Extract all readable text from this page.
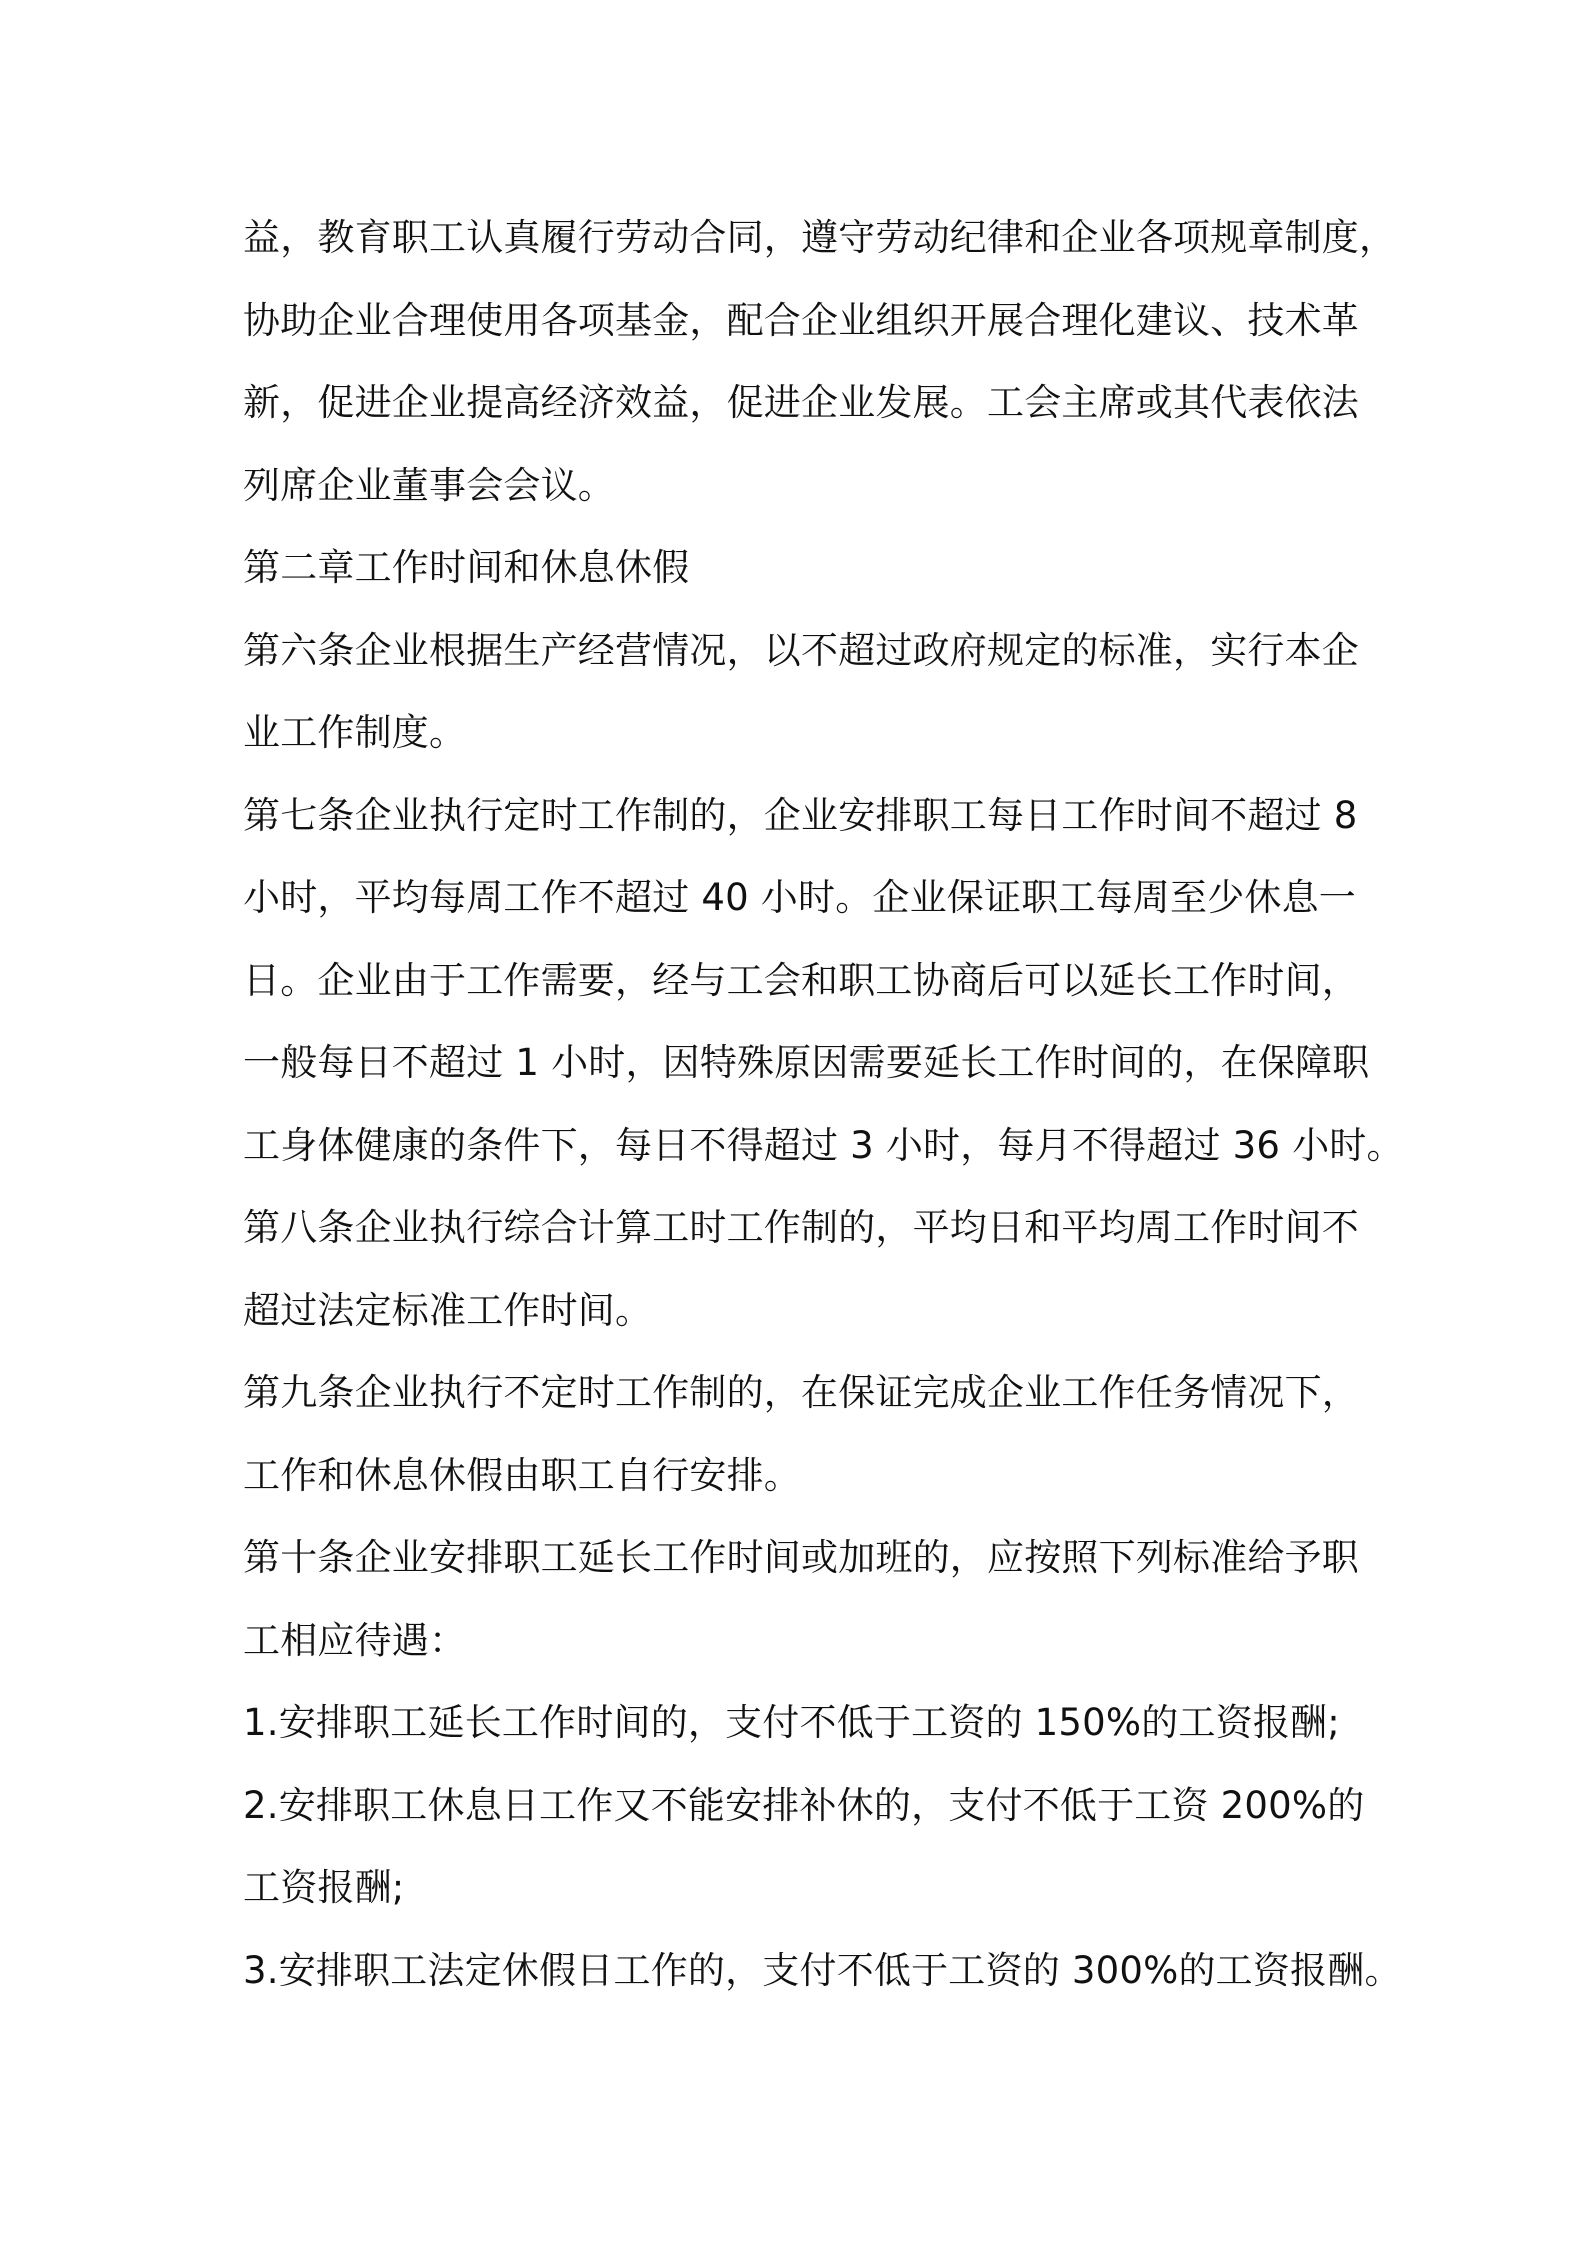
益，教育职工认真履行劳动合同，遵守劳动纪律和企业各项规章制度，
协助企业合理使用各项基金，配合企业组织开展合理化建议、技术革
新，促进企业提高经济效益，促进企业发展。工会主席或其代表依法
列席企业董事会会议。
第二章工作时间和休息休假
第六条企业根据生产经营情况，以不超过政府规定的标准，实行本企
业工作制度。
第七条企业执行定时工作制的，企业安排职工每日工作时间不超过 8
小时，平均每周工作不超过 40 小时。企业保证职工每周至少休息一
日。企业由于工作需要，经与工会和职工协商后可以延长工作时间，
一般每日不超过 1 小时，因特殊原因需要延长工作时间的，在保障职
工身体健康的条件下，每日不得超过 3 小时，每月不得超过 36 小时。
第八条企业执行综合计算工时工作制的，平均日和平均周工作时间不
超过法定标准工作时间。
第九条企业执行不定时工作制的，在保证完成企业工作任务情况下，
工作和休息休假由职工自行安排。
第十条企业安排职工延长工作时间或加班的，应按照下列标准给予职
工相应待遇：
1.安排职工延长工作时间的，支付不低于工资的 150%的工资报酬;
2.安排职工休息日工作又不能安排补休的，支付不低于工资 200%的
工资报酬;
3.安排职工法定休假日工作的，支付不低于工资的 300%的工资报酬。
